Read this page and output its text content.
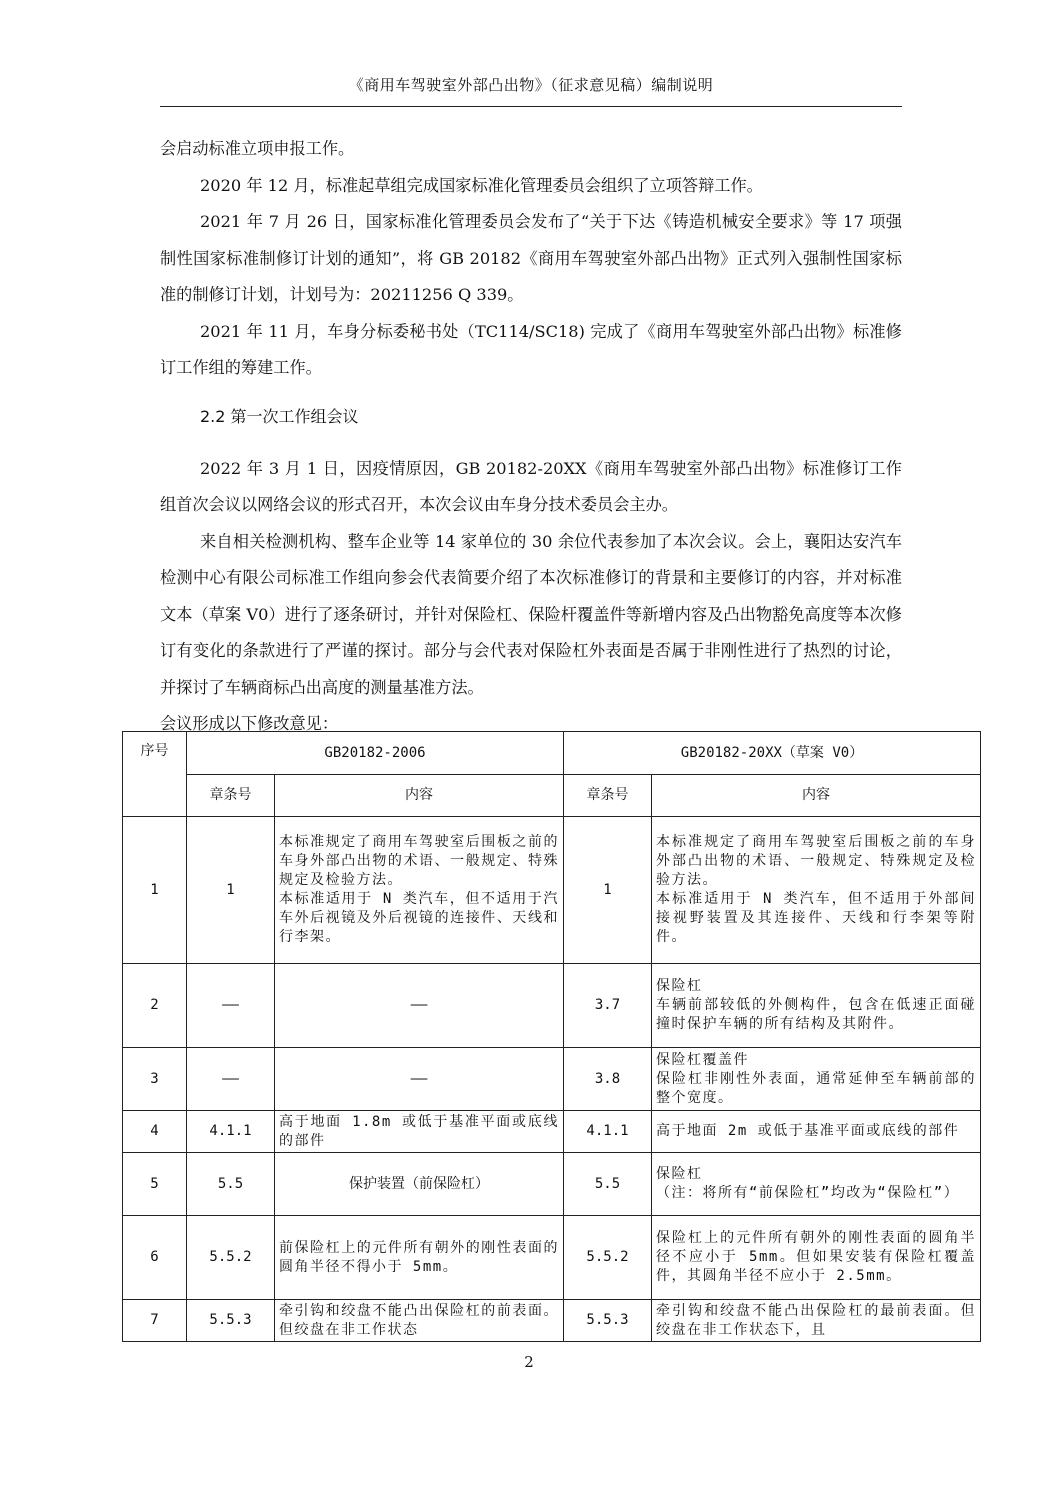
《商用车驾驶室外部凸出物》（征求意见稿）编制说明

会启动标准立项申报工作。

2020 年 12 月，标准起草组完成国家标准化管理委员会组织了立项答辩工作。

2021 年 7 月 26 日，国家标准化管理委员会发布了“关于下达《铸造机械安全要求》等 17 项强制性国家标准制修订计划的通知”，将 GB 20182《商用车驾驶室外部凸出物》正式列入强制性国家标准的制修订计划，计划号为：20211256 Q 339。

2021 年 11 月，车身分标委秘书处（TC114/SC18) 完成了《商用车驾驶室外部凸出物》标准修订工作组的筹建工作。

2.2 第一次工作组会议

2022 年 3 月 1 日，因疫情原因，GB 20182-20XX《商用车驾驶室外部凸出物》标准修订工作组首次会议以网络会议的形式召开，本次会议由车身分技术委员会主办。

来自相关检测机构、整车企业等 14 家单位的 30 余位代表参加了本次会议。会上，襄阳达安汽车检测中心有限公司标准工作组向参会代表简要介绍了本次标准修订的背景和主要修订的内容，并对标准文本（草案 V0）进行了逐条研讨，并针对保险杠、保险杆覆盖件等新增内容及凸出物豁免高度等本次修订有变化的条款进行了严谨的探讨。部分与会代表对保险杠外表面是否属于非刚性进行了热烈的讨论，并探讨了车辆商标凸出高度的测量基准方法。

会议形成以下修改意见：

序号	GB20182-2006		GB20182-20XX（草案 V0）	
	章条号	内容	章条号	内容
1	1	本标准规定了商用车驾驶室后围板之前的车身外部凸出物的术语、一般规定、特殊规定及检验方法。
本标准适用于 N 类汽车，但不适用于汽车外后视镜及外后视镜的连接件、天线和行李架。	1	本标准规定了商用车驾驶室后围板之前的车身外部凸出物的术语、一般规定、特殊规定及检验方法。
本标准适用于 N 类汽车，但不适用于外部间接视野装置及其连接件、天线和行李架等附件。
2	——	——	3.7	保险杠
车辆前部较低的外侧构件，包含在低速正面碰撞时保护车辆的所有结构及其附件。
3	——	——	3.8	保险杠覆盖件
保险杠非刚性外表面，通常延伸至车辆前部的整个宽度。
4	4.1.1	高于地面 1.8m 或低于基准平面或底线的部件	4.1.1	高于地面 2m 或低于基准平面或底线的部件
5	5.5	保护装置（前保险杠）	5.5	保险杠
（注：将所有“前保险杠”均改为“保险杠”）
6	5.5.2	前保险杠上的元件所有朝外的刚性表面的圆角半径不得小于 5mm。	5.5.2	保险杠上的元件所有朝外的刚性表面的圆角半径不应小于 5mm。但如果安装有保险杠覆盖件，其圆角半径不应小于 2.5mm。
7	5.5.3	牵引钩和绞盘不能凸出保险杠的前表面。但绞盘在非工作状态	5.5.3	牵引钩和绞盘不能凸出保险杠的最前表面。但绞盘在非工作状态下，且
2
